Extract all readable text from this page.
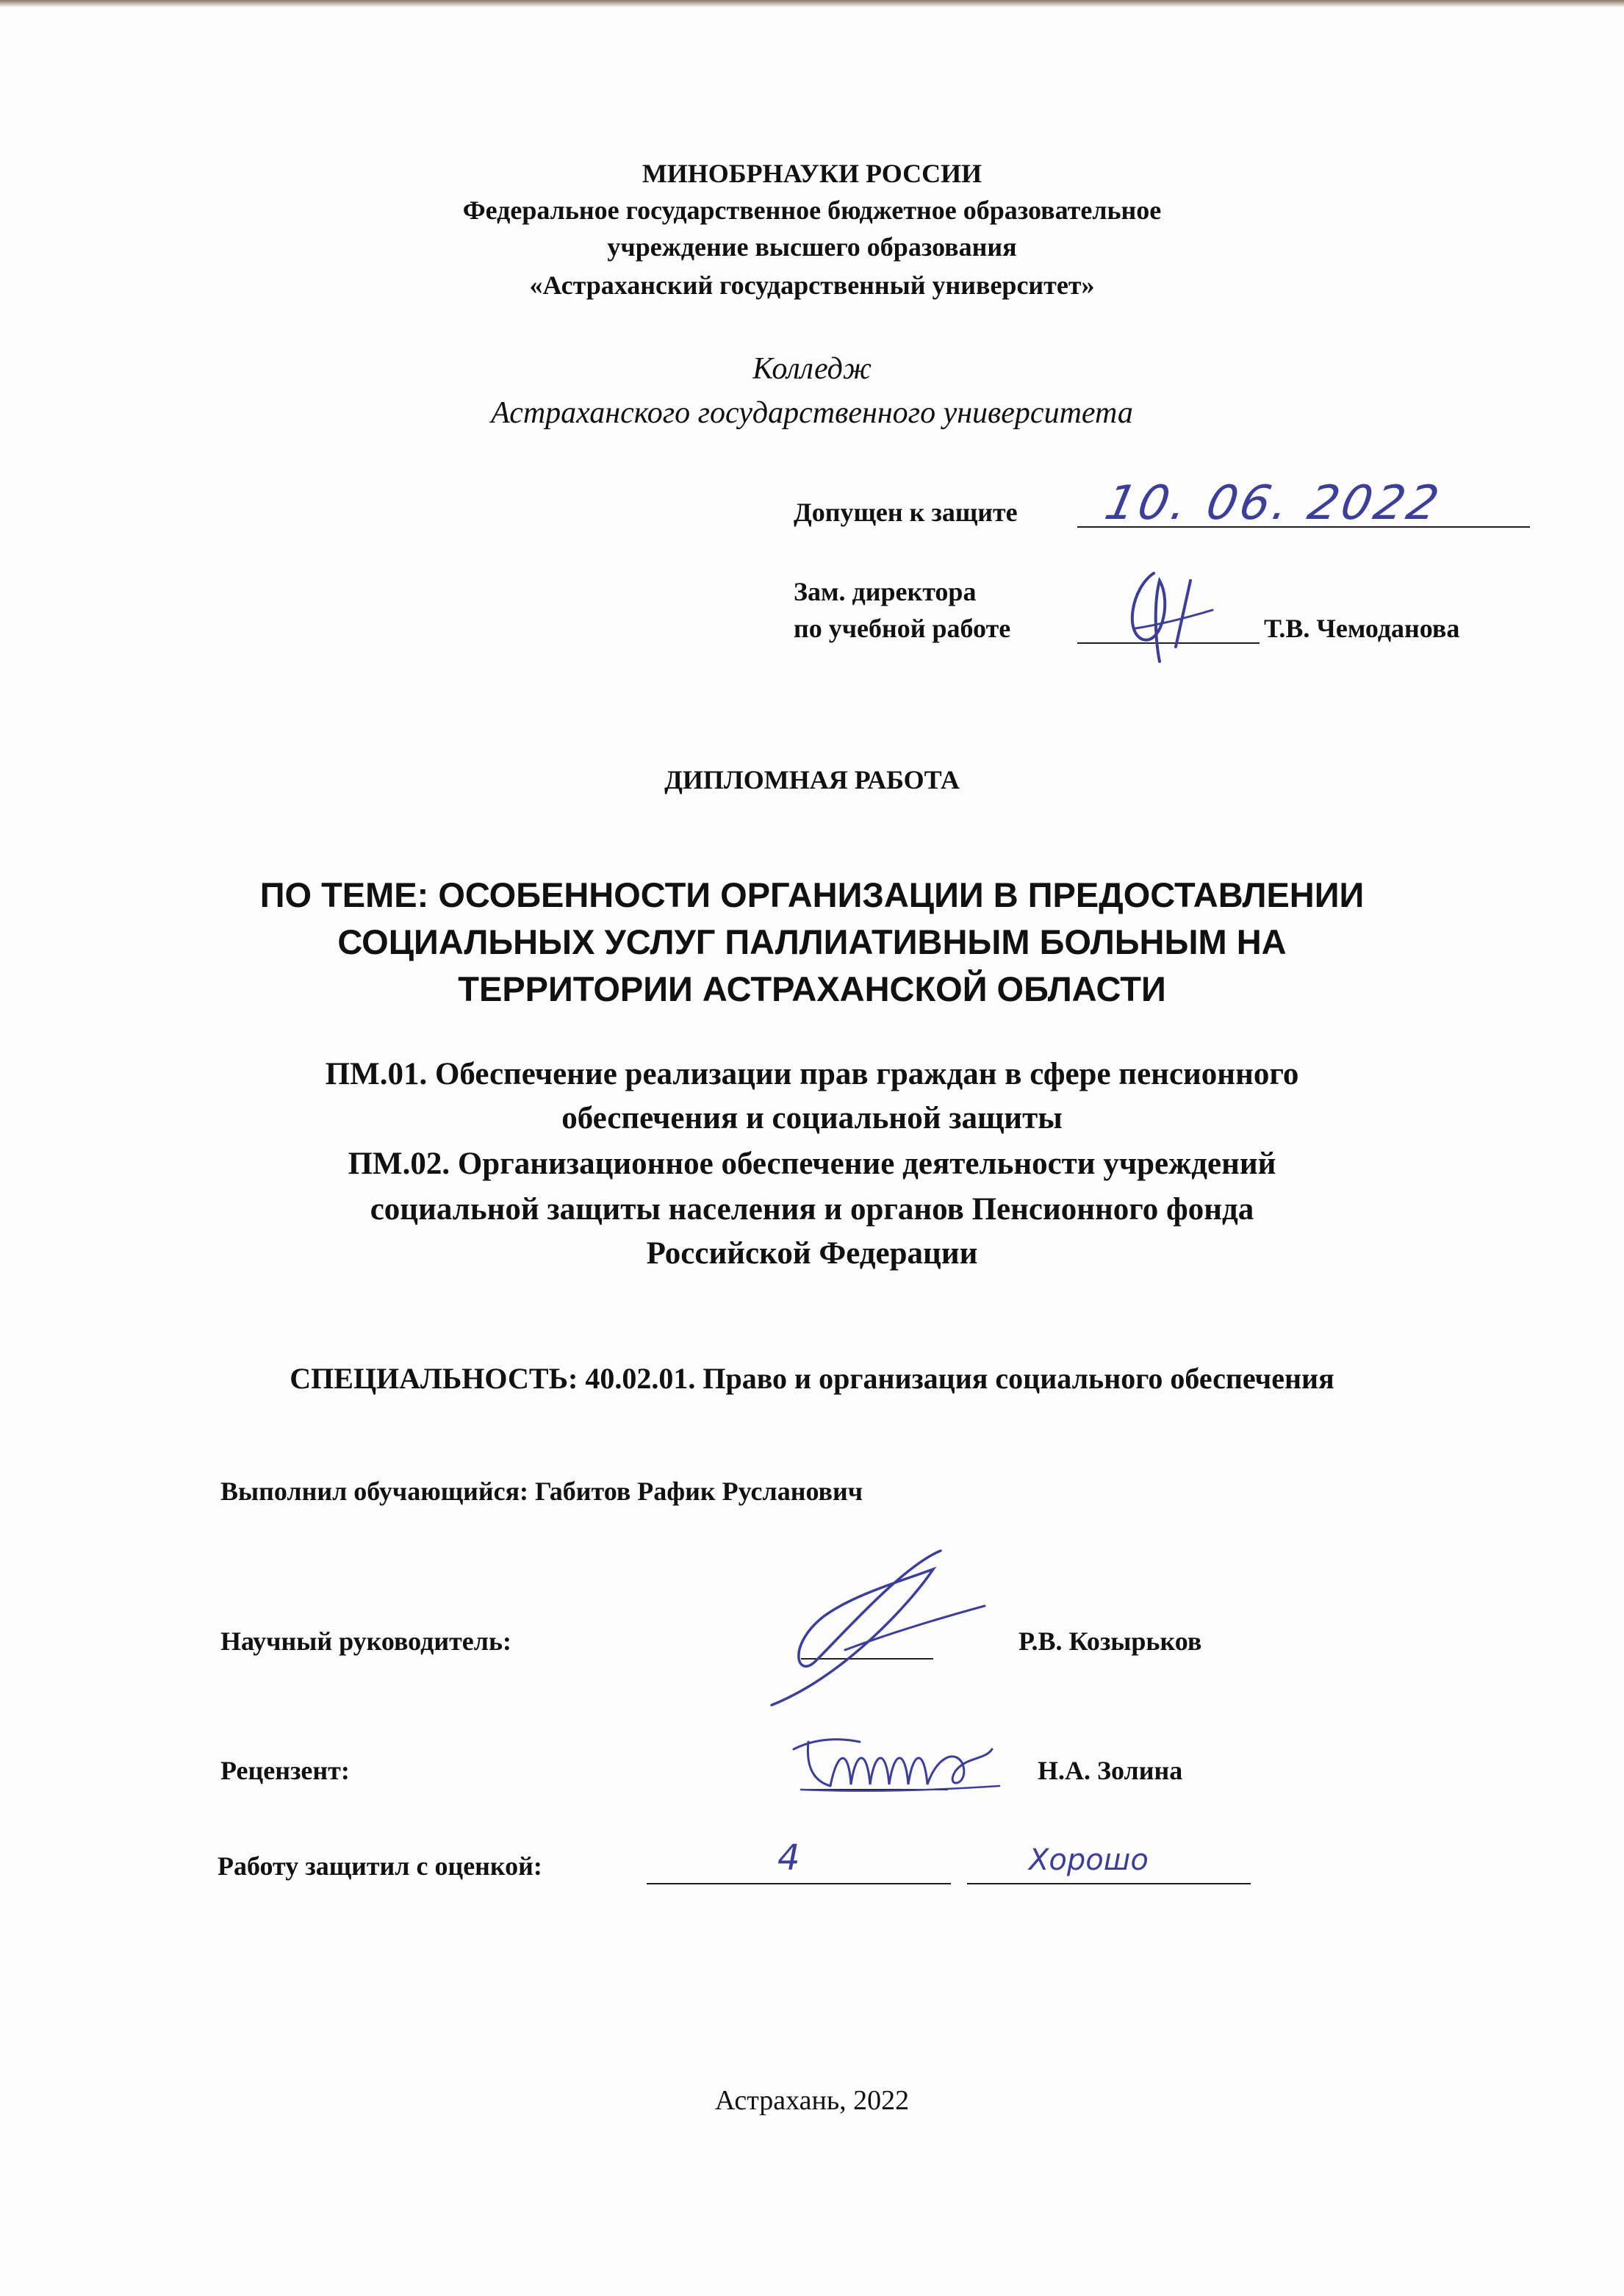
МИНОБРНАУКИ РОССИИ
Федеральное государственное бюджетное образовательное
учреждение высшего образования
«Астраханский государственный университет»
Колледж
Астраханского государственного университета
Допущен к защите 10. 06. 2022
Зам. директора
по учебной работе	Т.В. Чемоданова
ДИПЛОМНАЯ РАБОТА
ПО ТЕМЕ: ОСОБЕННОСТИ ОРГАНИЗАЦИИ В ПРЕДОСТАВЛЕНИИ
СОЦИАЛЬНЫХ УСЛУГ ПАЛЛИАТИВНЫМ БОЛЬНЫМ НА
ТЕРРИТОРИИ АСТРАХАНСКОЙ ОБЛАСТИ
ПМ.01. Обеспечение реализации прав граждан в сфере пенсионного
обеспечения и социальной защиты
ПМ.02. Организационное обеспечение деятельности учреждений
социальной защиты населения и органов Пенсионного фонда
Российской Федерации
СПЕЦИАЛЬНОСТЬ: 40.02.01. Право и организация социального обеспечения
Выполнил обучающийся: Габитов Рафик Русланович
Научный руководитель:	Р.В. Козырьков
Рецензент:	Н.А. Золина
Работу защитил с оценкой:	4	Хорошо
Астрахань, 2022
